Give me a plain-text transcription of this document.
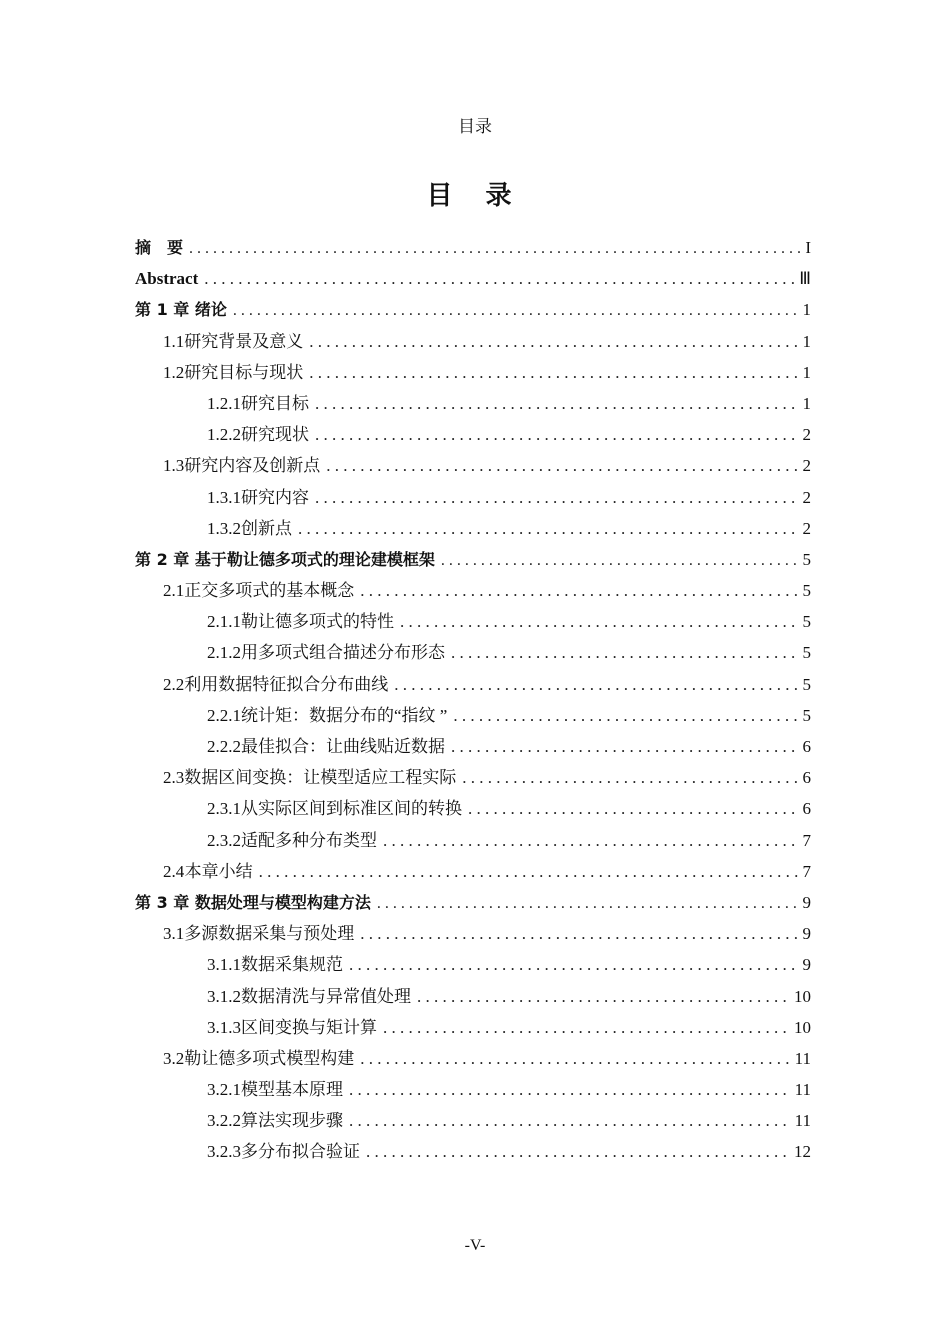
目录
目 录
摘　要 . . .	I
Abstract . . .	Ⅲ
第 1 章 绪论 . . .	1
1.1 研究背景及意义 . . .	1
1.2 研究目标与现状 . . .	1
1.2.1 研究目标 . . .	1
1.2.2 研究现状 . . .	2
1.3 研究内容及创新点 . . .	2
1.3.1 研究内容 . . .	2
1.3.2 创新点 . . .	2
第 2 章 基于勒让德多项式的理论建模框架 . . .	5
2.1 正交多项式的基本概念 . . .	5
2.1.1 勒让德多项式的特性 . . .	5
2.1.2 用多项式组合描述分布形态 . . .	5
2.2 利用数据特征拟合分布曲线 . . .	5
2.2.1 统计矩：数据分布的“指纹 ” . . .	5
2.2.2 最佳拟合：让曲线贴近数据 . . .	6
2.3 数据区间变换：让模型适应工程实际 . . .	6
2.3.1 从实际区间到标准区间的转换 . . .	6
2.3.2 适配多种分布类型 . . .	7
2.4 本章小结 . . .	7
第 3 章 数据处理与模型构建方法 . . .	9
3.1 多源数据采集与预处理 . . .	9
3.1.1 数据采集规范 . . .	9
3.1.2 数据清洗与异常值处理 . . .	10
3.1.3 区间变换与矩计算 . . .	10
3.2 勒让德多项式模型构建 . . .	11
3.2.1 模型基本原理 . . .	11
3.2.2 算法实现步骤 . . .	11
3.2.3 多分布拟合验证 . . .	12
-V-
